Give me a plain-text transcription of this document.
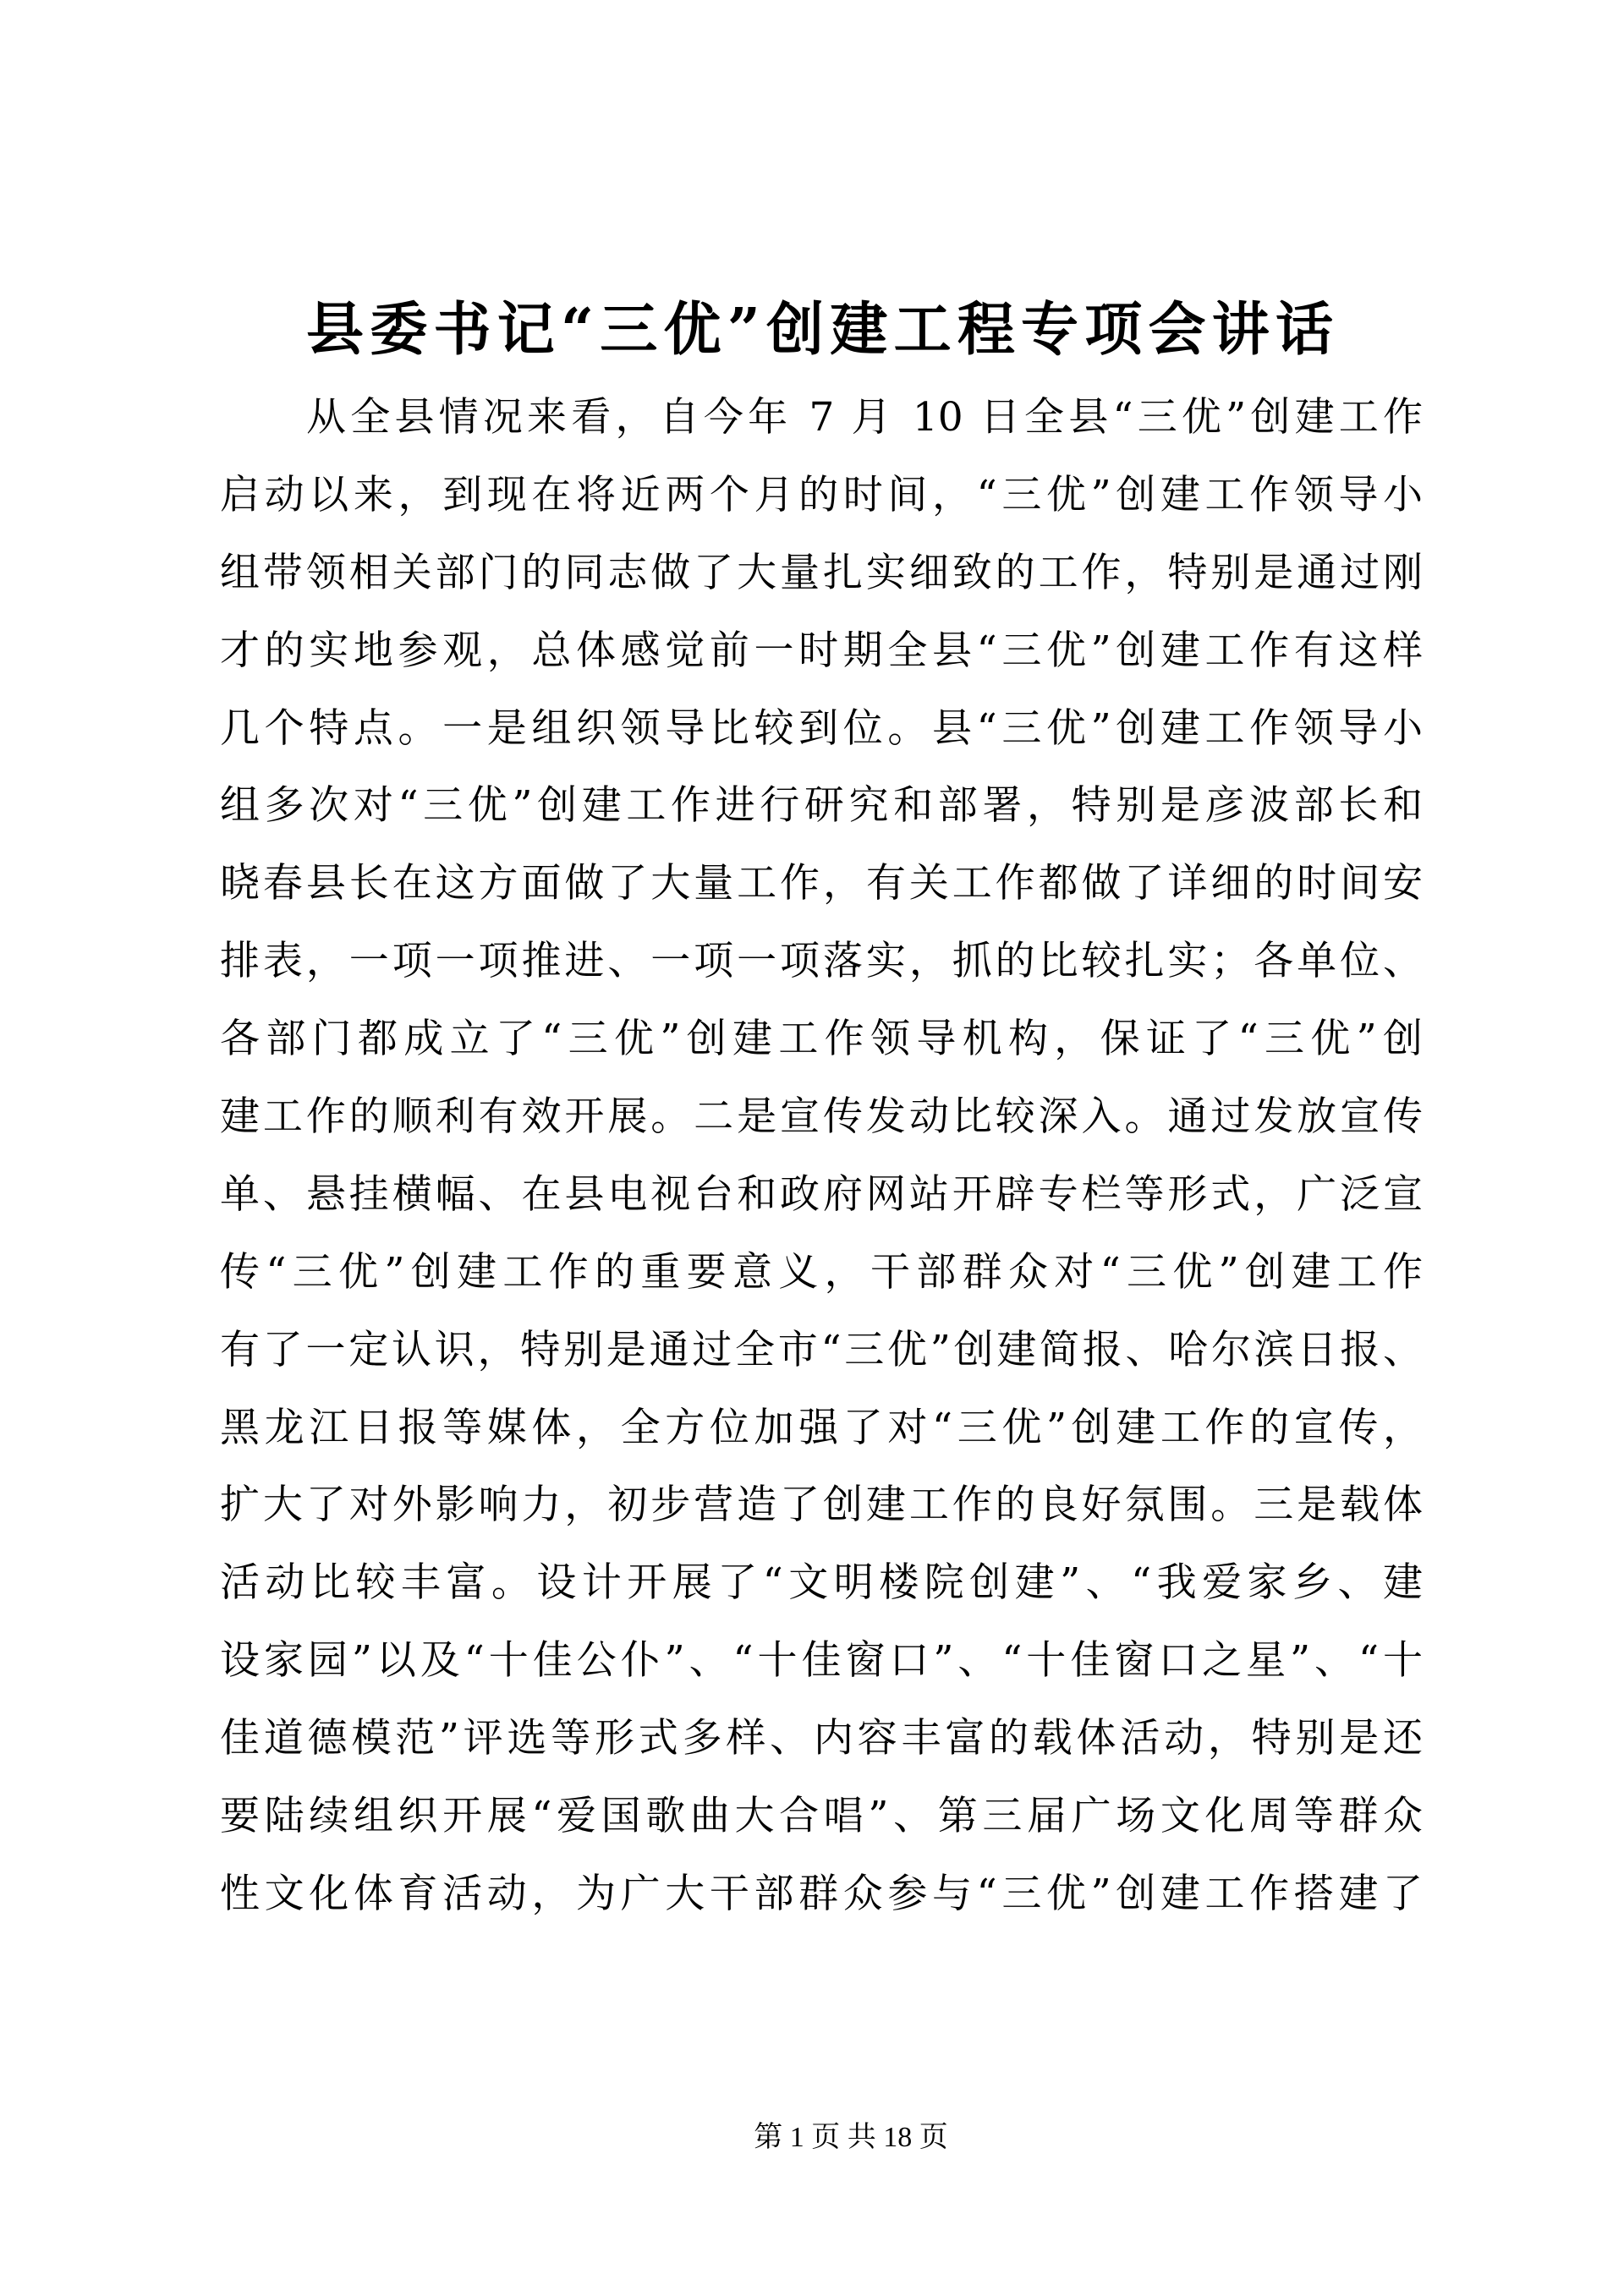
县委书记“三优”创建工程专项会讲话
从全县情况来看，自今年 7 月 10 日全县“三优”创建工作
启动以来，到现在将近两个月的时间，“三优”创建工作领导小
组带领相关部门的同志做了大量扎实细致的工作，特别是通过刚
才的实地参观，总体感觉前一时期全县“三优”创建工作有这样
几个特点。一是组织领导比较到位。县“三优”创建工作领导小
组多次对“三优”创建工作进行研究和部署，特别是彦波部长和
晓春县长在这方面做了大量工作，有关工作都做了详细的时间安
排表，一项一项推进、一项一项落实，抓的比较扎实；各单位、
各部门都成立了“三优”创建工作领导机构，保证了“三优”创
建工作的顺利有效开展。二是宣传发动比较深入。通过发放宣传
单、悬挂横幅、在县电视台和政府网站开辟专栏等形式，广泛宣
传“三优”创建工作的重要意义，干部群众对“三优”创建工作
有了一定认识，特别是通过全市“三优”创建简报、哈尔滨日报、
黑龙江日报等媒体，全方位加强了对“三优”创建工作的宣传，
扩大了对外影响力，初步营造了创建工作的良好氛围。三是载体
活动比较丰富。设计开展了“文明楼院创建”、“我爱家乡、建
设家园”以及“十佳公仆”、“十佳窗口”、“十佳窗口之星”、“十
佳道德模范”评选等形式多样、内容丰富的载体活动，特别是还
要陆续组织开展“爱国歌曲大合唱”、第三届广场文化周等群众
性文化体育活动，为广大干部群众参与“三优”创建工作搭建了
第 1 页 共 18 页
